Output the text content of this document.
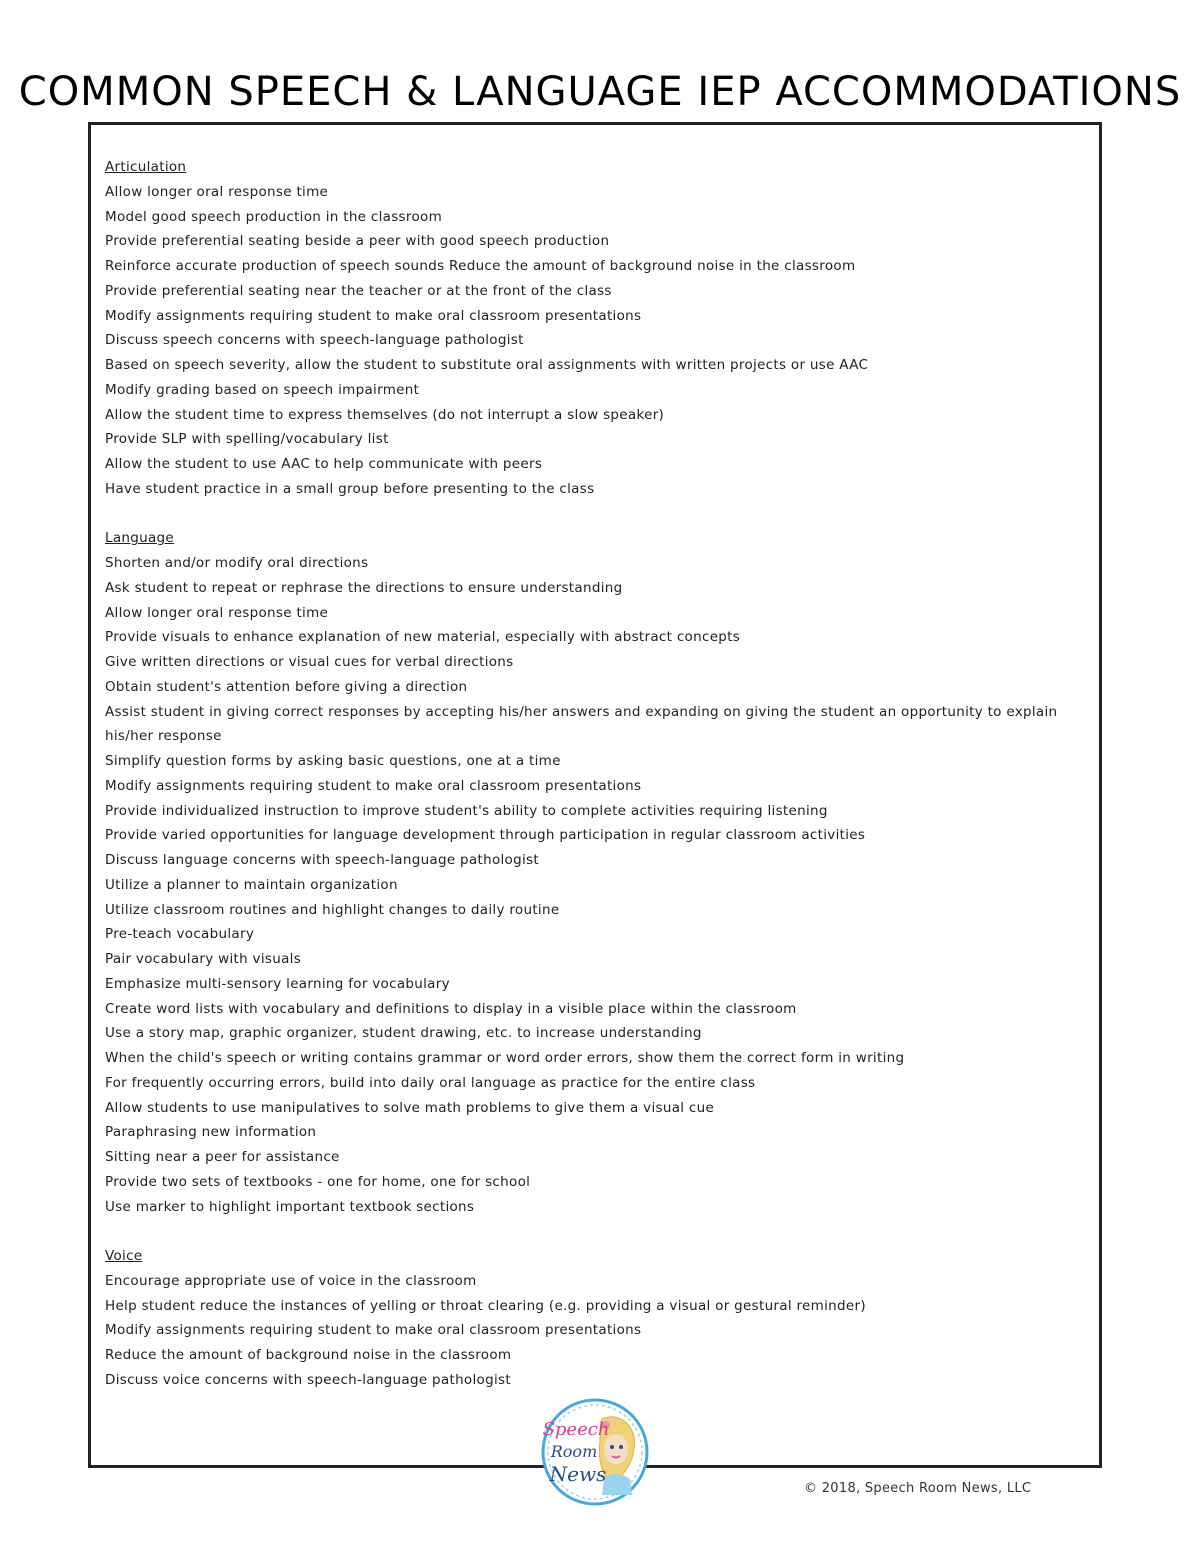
COMMON SPEECH & LANGUAGE IEP ACCOMMODATIONS
Articulation
Allow longer oral response time
Model good speech production in the classroom
Provide preferential seating beside a peer with good speech production
Reinforce accurate production of speech sounds Reduce the amount of background noise in the classroom
Provide preferential seating near the teacher or at the front of the class
Modify assignments requiring student to make oral classroom presentations
Discuss speech concerns with speech-language pathologist
Based on speech severity, allow the student to substitute oral assignments with written projects or use AAC
Modify grading based on speech impairment
Allow the student time to express themselves (do not interrupt a slow speaker)
Provide SLP with spelling/vocabulary list
Allow the student to use AAC to help communicate with peers
Have student practice in a small group before presenting to the class
Language
Shorten and/or modify oral directions
Ask student to repeat or rephrase the directions to ensure understanding
Allow longer oral response time
Provide visuals to enhance explanation of new material, especially with abstract concepts
Give written directions or visual cues for verbal directions
Obtain student's attention before giving a direction
Assist student in giving correct responses by accepting his/her answers and expanding on giving the student an opportunity to explain his/her response
Simplify question forms by asking basic questions, one at a time
Modify assignments requiring student to make oral classroom presentations
Provide individualized instruction to improve student's ability to complete activities requiring listening
Provide varied opportunities for language development through participation in regular classroom activities
Discuss language concerns with speech-language pathologist
Utilize a planner to maintain organization
Utilize classroom routines and highlight changes to daily routine
Pre-teach vocabulary
Pair vocabulary with visuals
Emphasize multi-sensory learning for vocabulary
Create word lists with vocabulary and definitions to display in a visible place within the classroom
Use a story map, graphic organizer, student drawing, etc. to increase understanding
When the child's speech or writing contains grammar or word order errors, show them the correct form in writing
For frequently occurring errors, build into daily oral language as practice for the entire class
Allow students to use manipulatives to solve math problems to give them a visual cue
Paraphrasing new information
Sitting near a peer for assistance
Provide two sets of textbooks - one for home, one for school
Use marker to highlight important textbook sections
Voice
Encourage appropriate use of voice in the classroom
Help student reduce the instances of yelling or throat clearing (e.g. providing a visual or gestural reminder)
Modify assignments requiring student to make oral classroom presentations
Reduce the amount of background noise in the classroom
Discuss voice concerns with speech-language pathologist
Speech
Room
News
© 2018, Speech Room News, LLC
